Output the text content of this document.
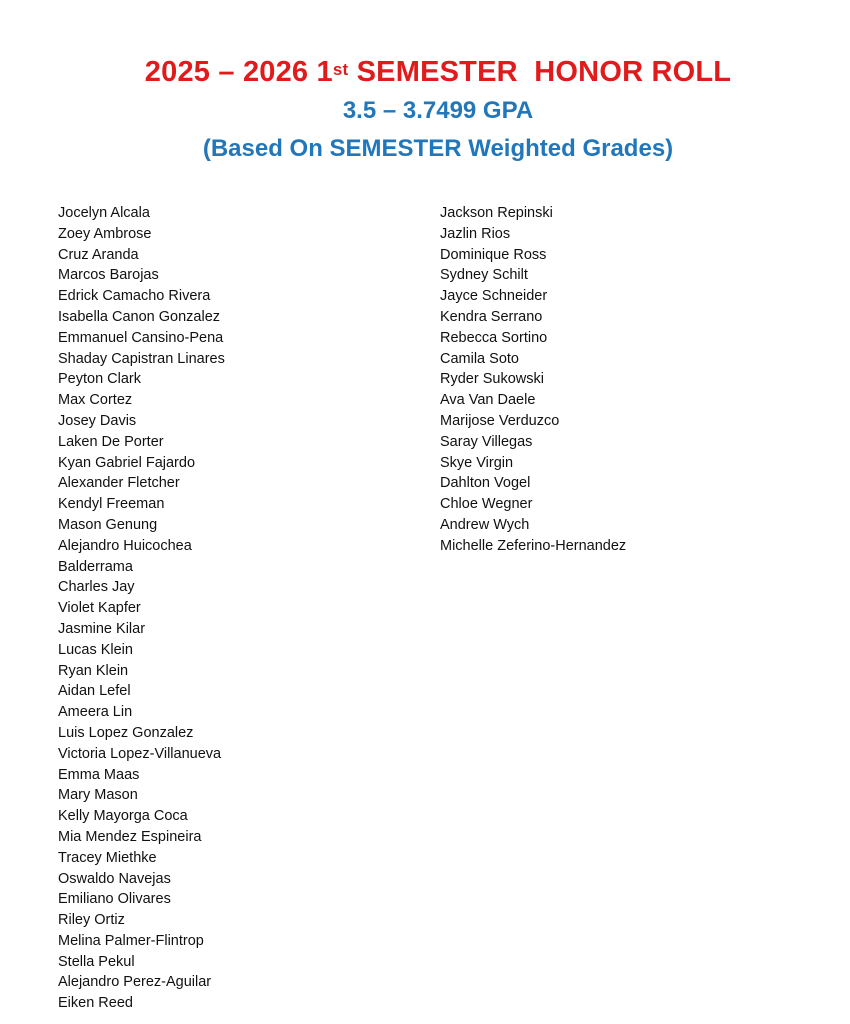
2025 – 2026 1st SEMESTER  HONOR ROLL
3.5 – 3.7499 GPA
(Based On SEMESTER Weighted Grades)
Jocelyn Alcala
Zoey Ambrose
Cruz Aranda
Marcos Barojas
Edrick Camacho Rivera
Isabella Canon Gonzalez
Emmanuel Cansino-Pena
Shaday Capistran Linares
Peyton Clark
Max Cortez
Josey Davis
Laken De Porter
Kyan Gabriel Fajardo
Alexander Fletcher
Kendyl Freeman
Mason Genung
Alejandro Huicochea
Balderrama
Charles Jay
Violet Kapfer
Jasmine Kilar
Lucas Klein
Ryan Klein
Aidan Lefel
Ameera Lin
Luis Lopez Gonzalez
Victoria Lopez-Villanueva
Emma Maas
Mary Mason
Kelly Mayorga Coca
Mia Mendez Espineira
Tracey Miethke
Oswaldo Navejas
Emiliano Olivares
Riley Ortiz
Melina Palmer-Flintrop
Stella Pekul
Alejandro Perez-Aguilar
Eiken Reed
Jackson Repinski
Jazlin Rios
Dominique Ross
Sydney Schilt
Jayce Schneider
Kendra Serrano
Rebecca Sortino
Camila Soto
Ryder Sukowski
Ava Van Daele
Marijose Verduzco
Saray Villegas
Skye Virgin
Dahlton Vogel
Chloe Wegner
Andrew Wych
Michelle Zeferino-Hernandez
